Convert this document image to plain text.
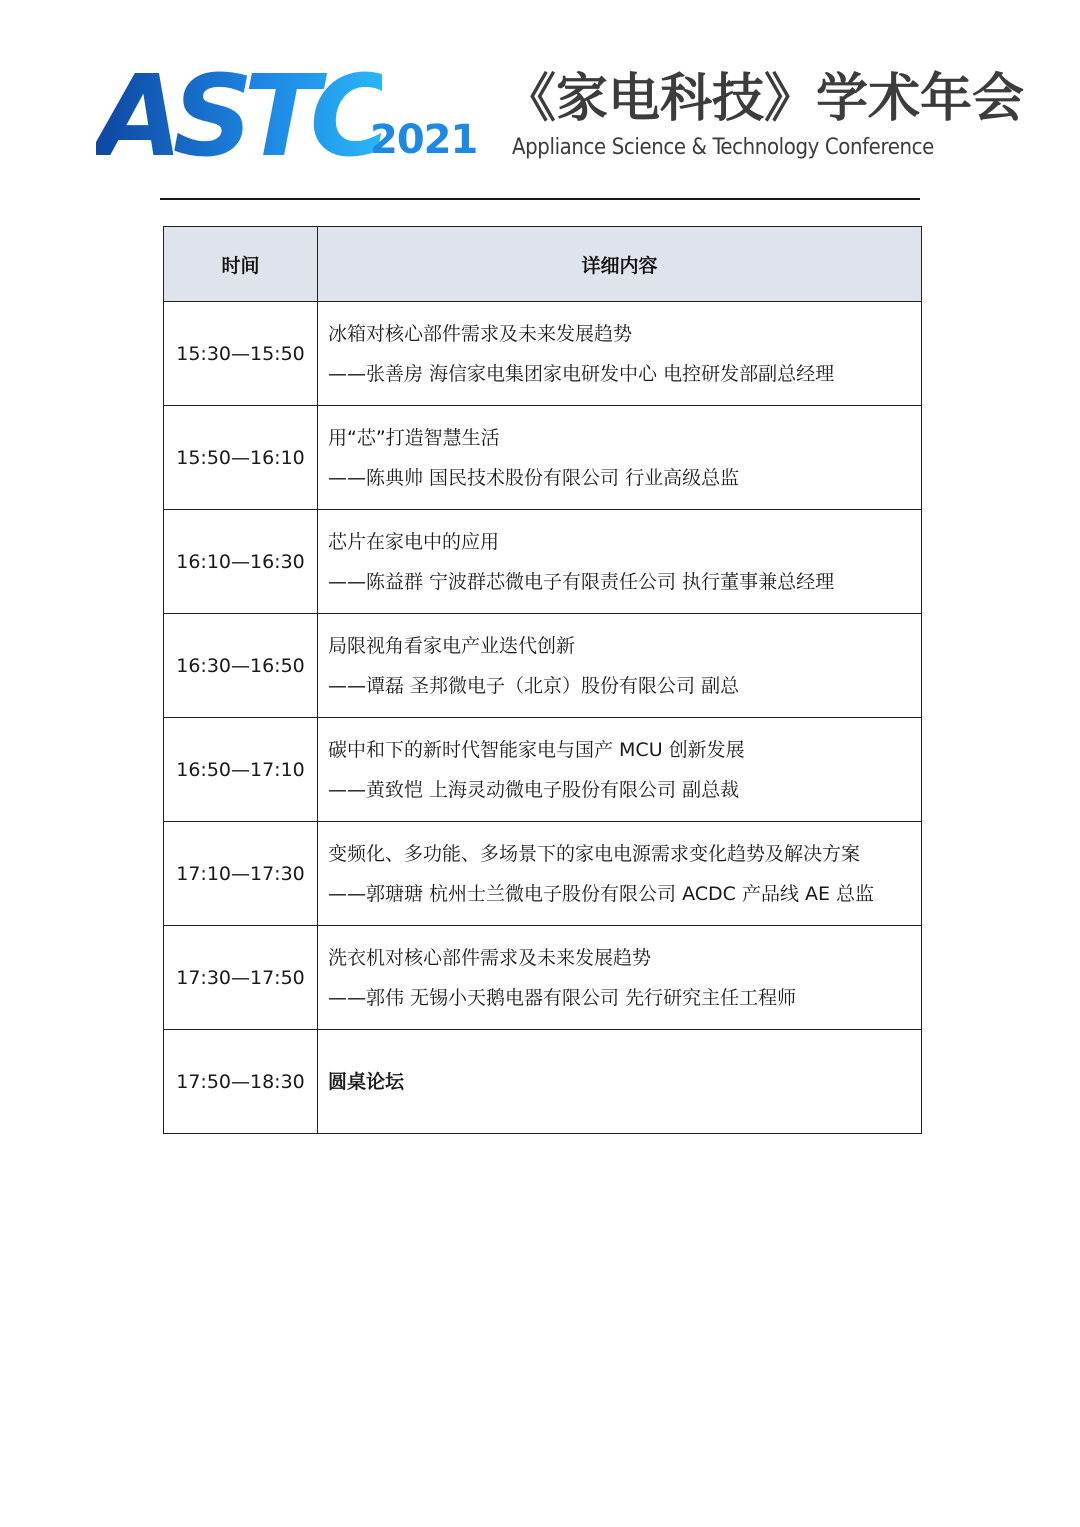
ASTC
2021
《家电科技》学术年会
Appliance Science & Technology Conference
时间	详细内容
15:30—15:50	冰箱对核心部件需求及未来发展趋势
——张善房 海信家电集团家电研发中心 电控研发部副总经理

15:50—16:10	用“芯”打造智慧生活
——陈典帅 国民技术股份有限公司 行业高级总监

16:10—16:30	芯片在家电中的应用
——陈益群 宁波群芯微电子有限责任公司 执行董事兼总经理

16:30—16:50	局限视角看家电产业迭代创新
——谭磊 圣邦微电子（北京）股份有限公司 副总

16:50—17:10	碳中和下的新时代智能家电与国产 MCU 创新发展
——黄致恺 上海灵动微电子股份有限公司 副总裁

17:10—17:30	变频化、多功能、多场景下的家电电源需求变化趋势及解决方案
——郭瑭瑭 杭州士兰微电子股份有限公司 ACDC 产品线 AE 总监

17:30—17:50	洗衣机对核心部件需求及未来发展趋势
——郭伟 无锡小天鹅电器有限公司 先行研究主任工程师

17:50—18:30	圆桌论坛
